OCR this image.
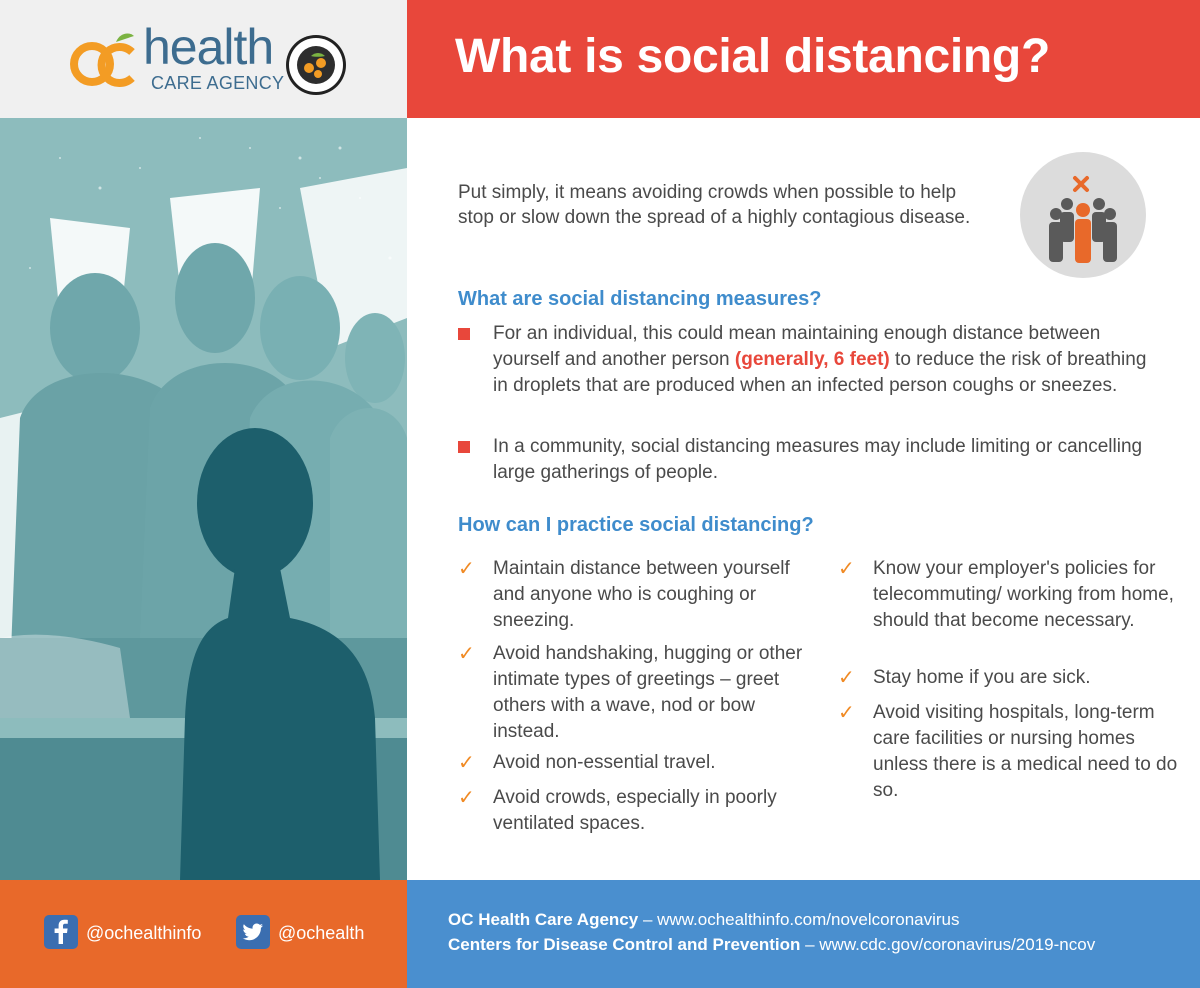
health
CARE AGENCY	What is social distancing?

Put simply, it means avoiding crowds when possible to help stop or slow down the spread of a highly contagious disease.

What are social distancing measures?

For an individual, this could mean maintaining enough distance between yourself and another person (generally, 6 feet) to reduce the risk of breathing in droplets that are produced when an infected person coughs or sneezes.

In a community, social distancing measures may include limiting or cancelling large gatherings of people.

How can I practice social distancing?
✓ Maintain distance between yourself and anyone who is coughing or sneezing.

✓ Avoid handshaking, hugging or other intimate types of greetings – greet others with a wave, nod or bow instead.

✓ Avoid non-essential travel.

✓ Avoid crowds, especially in poorly ventilated spaces.

✓ Know your employer's policies for telecommuting/ working from home, should that become necessary.

✓ Stay home if you are sick.

✓ Avoid visiting hospitals, long-term care facilities or nursing homes unless there is a medical need to do so.

@ochealthinfo	@ochealth

OC Health Care Agency – www.ochealthinfo.com/novelcoronavirus

Centers for Disease Control and Prevention – www.cdc.gov/coronavirus/2019-ncov
